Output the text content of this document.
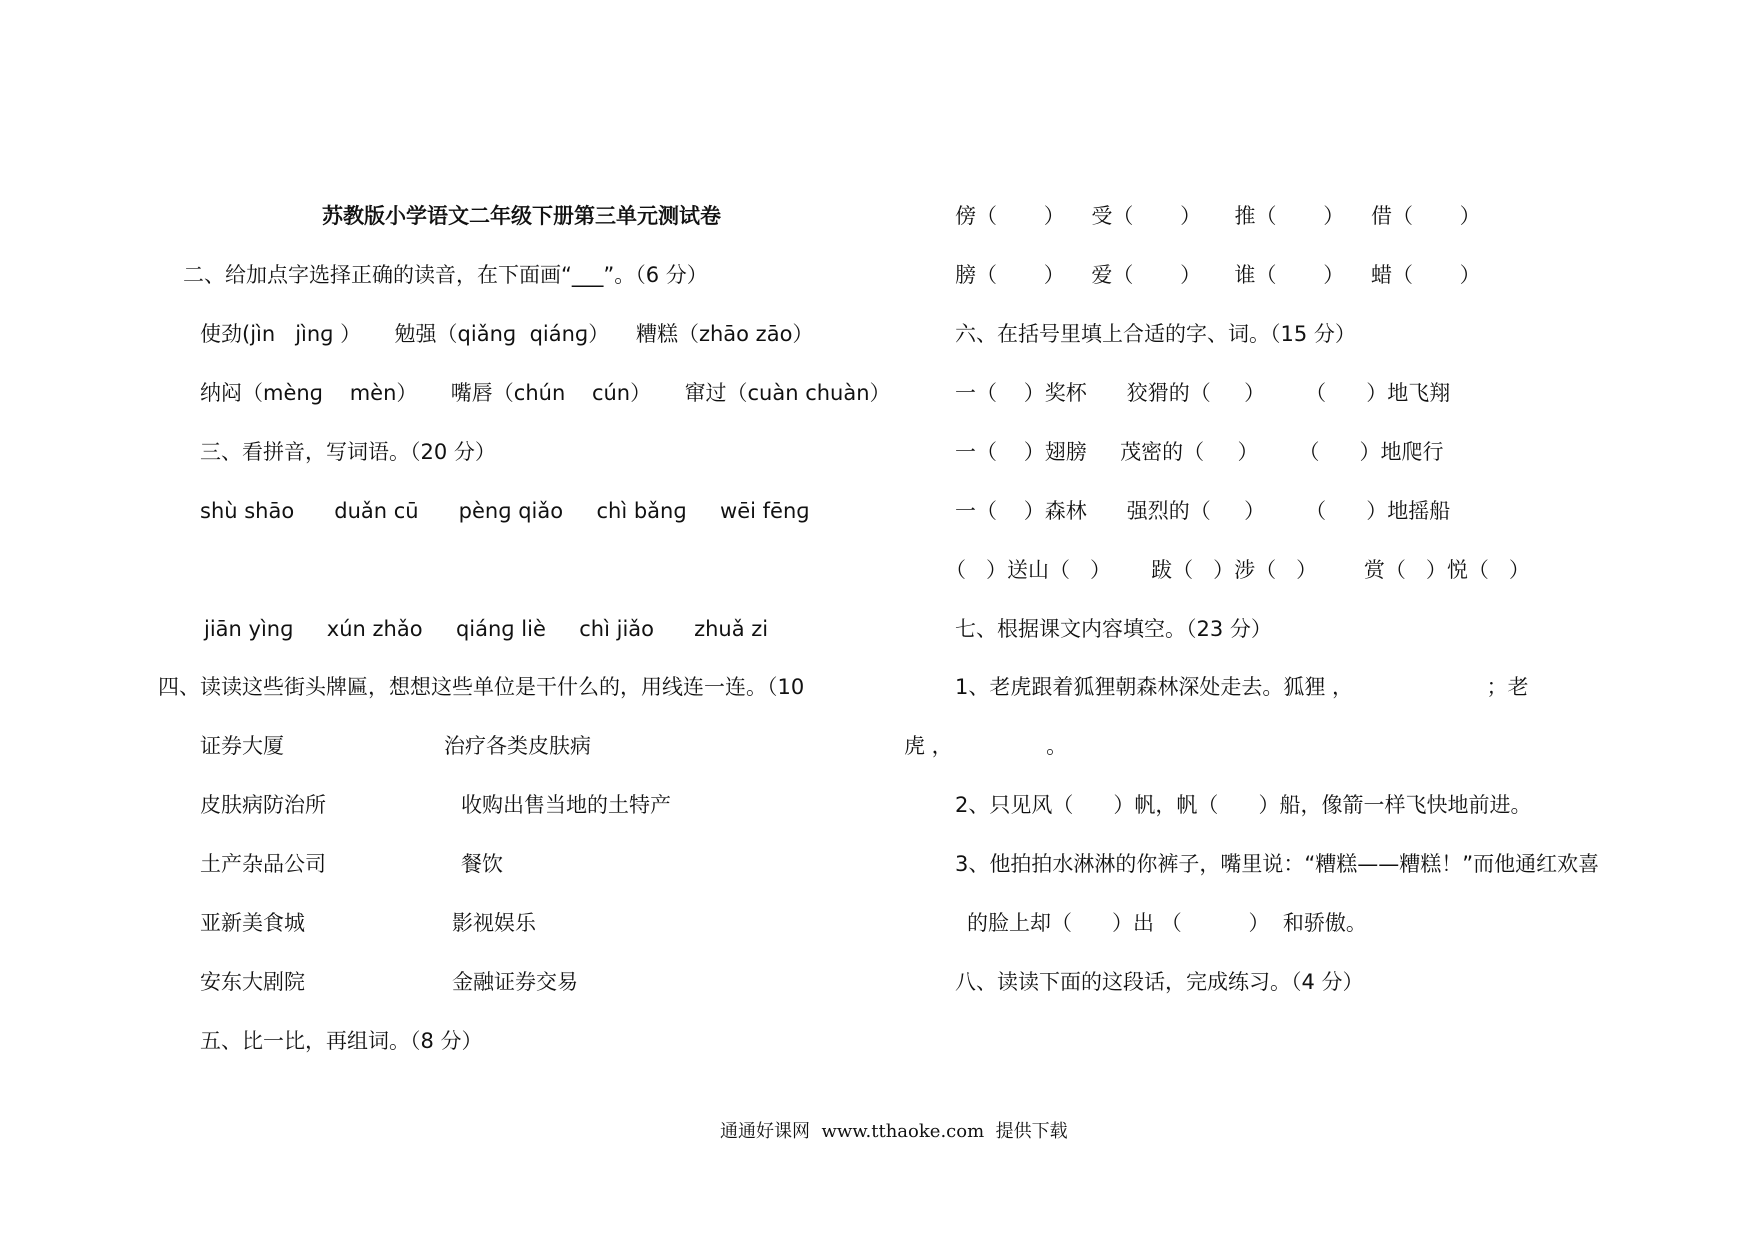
苏教版小学语文二年级下册第三单元测试卷
二、给加点字选择正确的读音，在下面画“___”。（6 分）
使劲(jìn   jìnɡ ）     勉强（qiǎnɡ  qiánɡ）    糟糕（zhāo zāo）
纳闷（mènɡ    mèn）     嘴唇（chún    cún）     窜过（cuàn chuàn）
三、看拼音，写词语。（20 分）
shù shāo      duǎn cū      pènɡ qiǎo     chì bǎnɡ     wēi fēnɡ
jiān yìnɡ     xún zhǎo     qiánɡ liè     chì jiǎo      zhuǎ zi
四、读读这些街头牌匾，想想这些单位是干什么的，用线连一连。（10
证券大厦	治疗各类皮肤病
皮肤病防治所	收购出售当地的土特产
土产杂品公司	餐饮
亚新美食城	影视娱乐
安东大剧院	金融证券交易
五、比一比，再组词。（8 分）
傍（       ）    受（       ）     推（       ）    借（       ）
膀（       ）    爱（       ）     谁（       ）    蜡（       ）
六、在括号里填上合适的字、词。（15 分）
一（    ）奖杯      狡猾的（     ）      （      ）地飞翔
一（    ）翅膀     茂密的（     ）      （      ）地爬行
一（    ）森林      强烈的（     ）      （      ）地摇船
（   ）送山（   ）      跋（   ）涉（   ）       赏（   ）悦（   ）
七、根据课文内容填空。（23 分）
1、老虎跟着狐狸朝森林深处走去。狐狸 ，                    ；老
虎 ，              。
2、只见风（      ）帆，帆（      ）船，像箭一样飞快地前进。
3、他拍拍水淋淋的你裤子，嘴里说：“糟糕——糟糕！”而他通红欢喜
的脸上却（      ）出 （          ）  和骄傲。
八、读读下面的这段话，完成练习。（4 分）
通通好课网  www.tthaoke.com  提供下载
